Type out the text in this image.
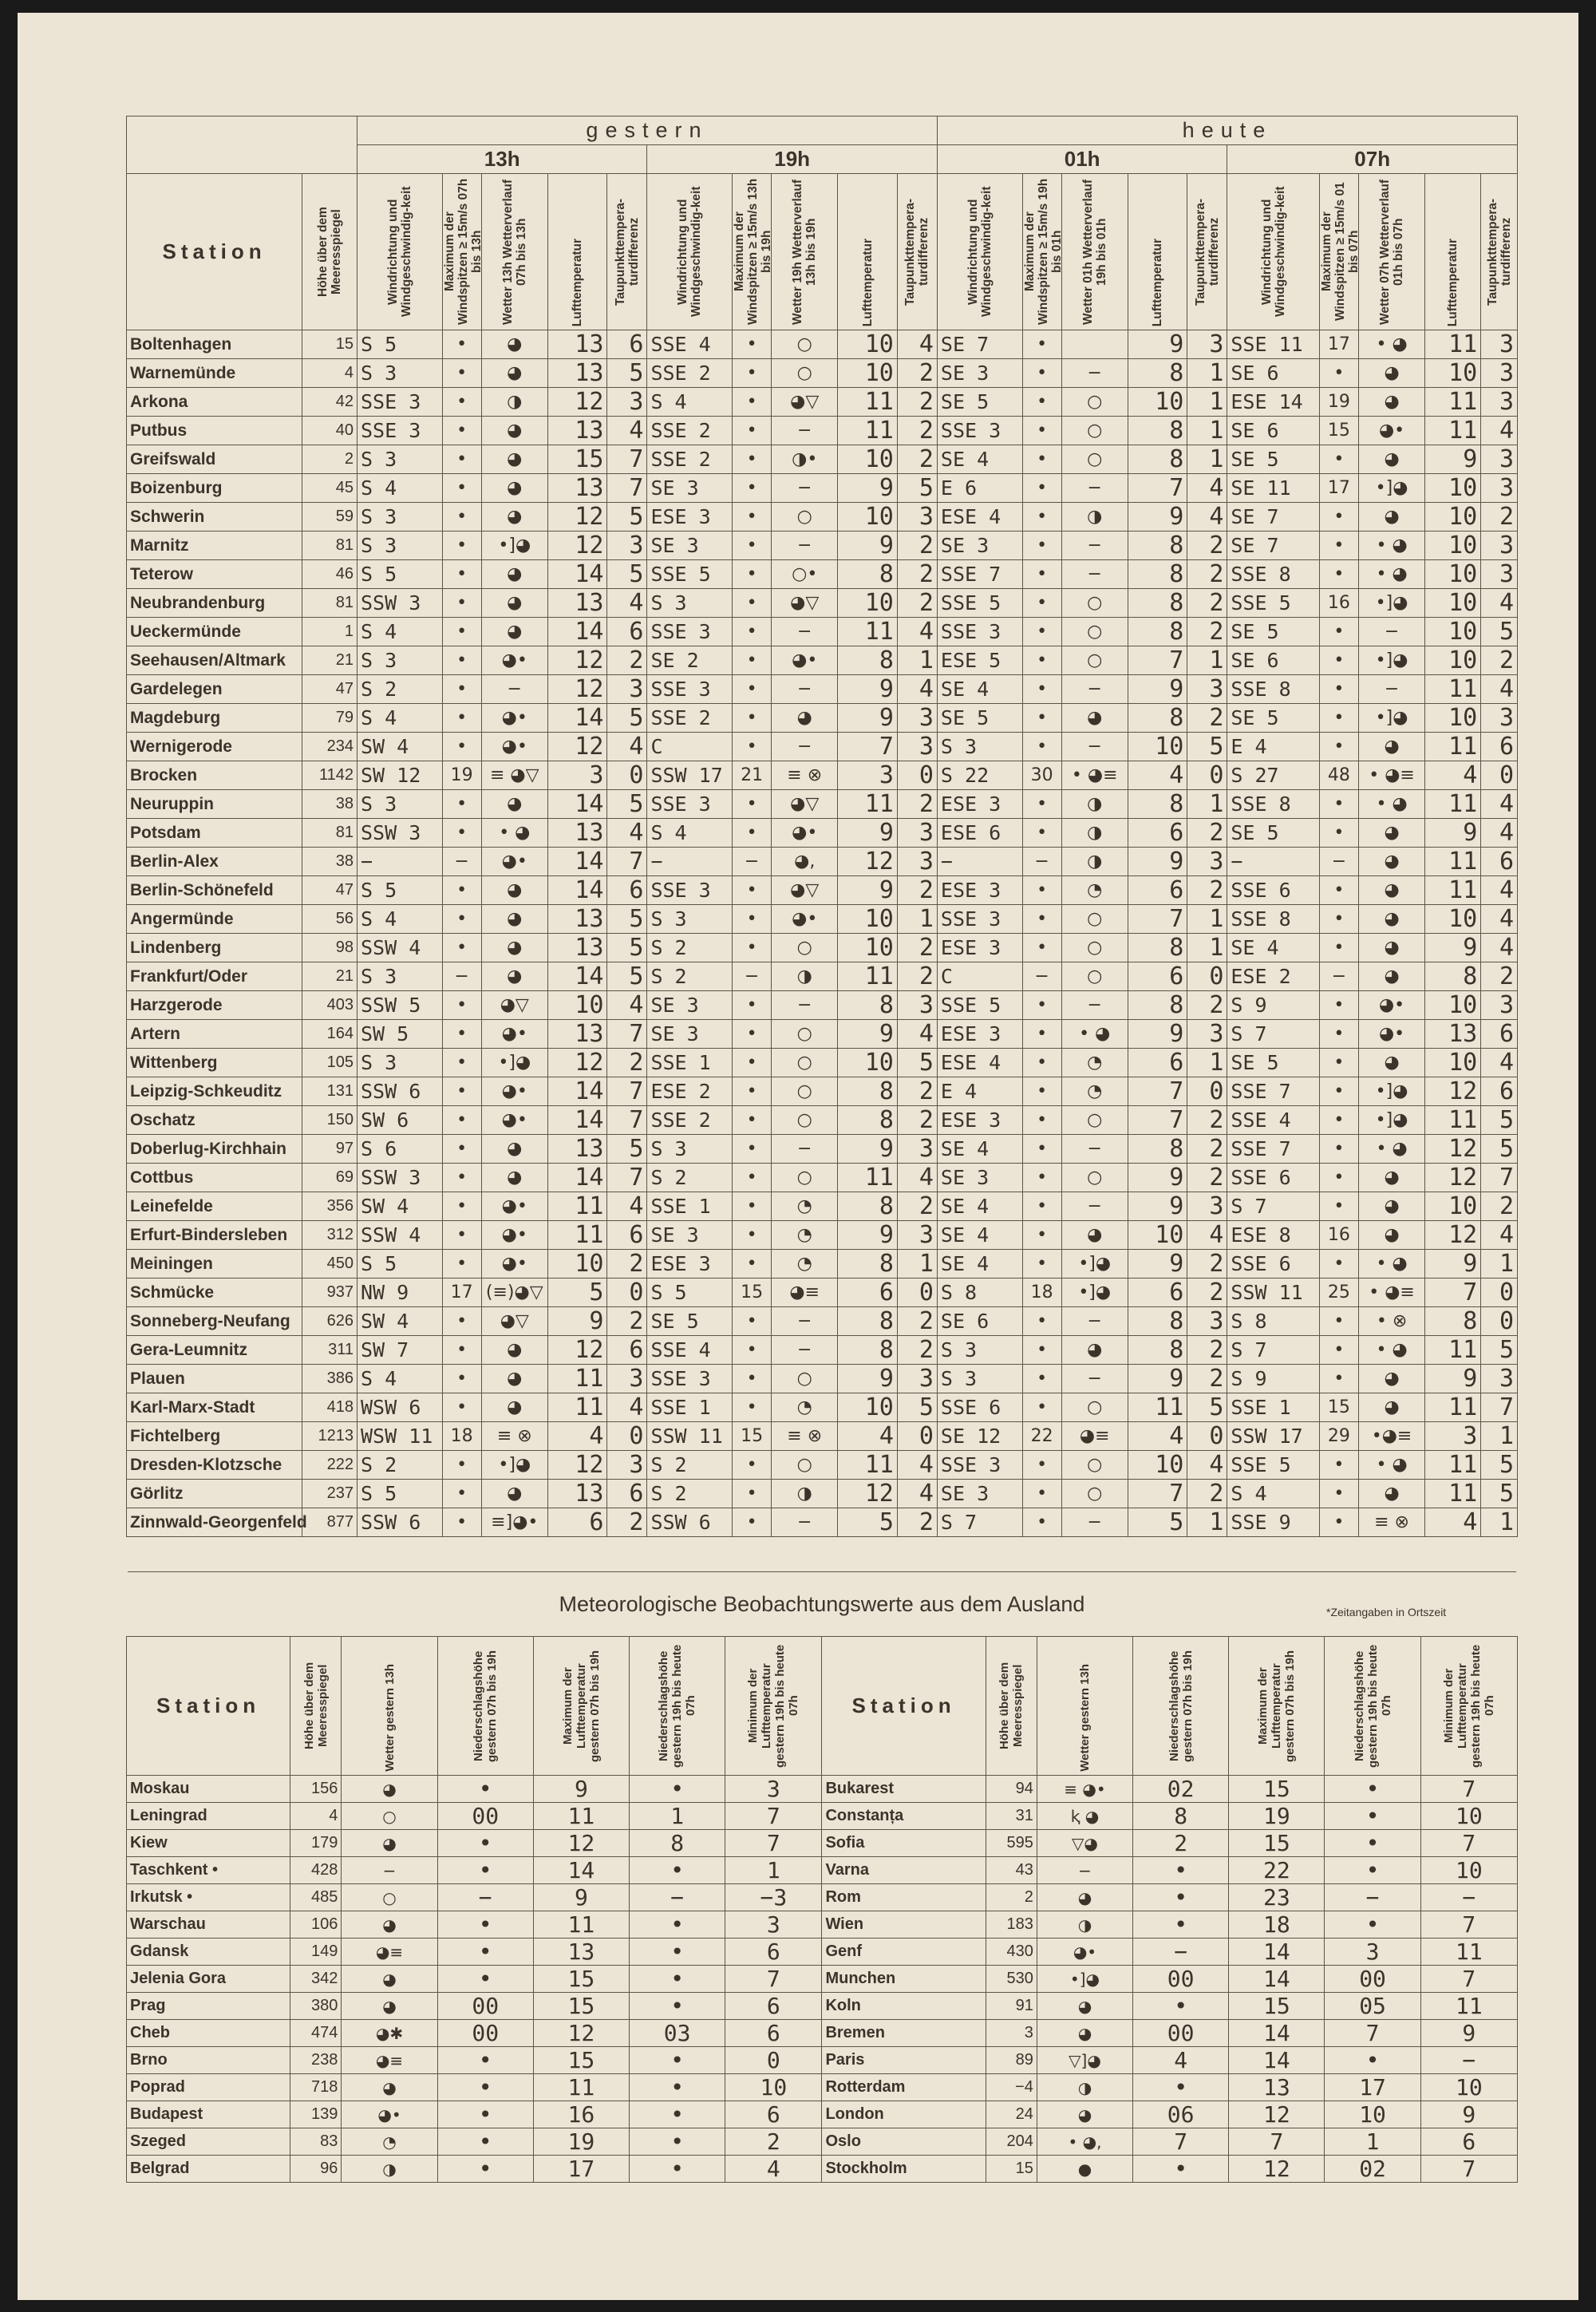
		gestern										heute									
		13h					19h					01h					07h				
Station	Höhe über dem Meeresspiegel	Windrichtung und Windgeschwindig-keit	Maximum der Windspitzen ≥ 15m/s 07h bis 13h	Wetter 13h Wetterverlauf 07h bis 13h	Lufttemperatur	Taupunkttempera-turdifferenz	Windrichtung und Windgeschwindig-keit	Maximum der Windspitzen ≥ 15m/s 13h bis 19h	Wetter 19h Wetterverlauf 13h bis 19h	Lufttemperatur	Taupunkttempera-turdifferenz	Windrichtung und Windgeschwindig-keit	Maximum der Windspitzen ≥ 15m/s 19h bis 01h	Wetter 01h Wetterverlauf 19h bis 01h	Lufttemperatur	Taupunkttempera-turdifferenz	Windrichtung und Windgeschwindig-keit	Maximum der Windspitzen ≥ 15m/s 01 bis 07h	Wetter 07h Wetterverlauf 01h bis 07h	Lufttemperatur	Taupunkttempera-turdifferenz

Boltenhagen	15	S 5	•	◕	13	6	SSE 4	•	○	10	4	SE 7	•		9	3	SSE 11	17	• ◕	11	3
Warnemünde	4	S 3	•	◕	13	5	SSE 2	•	○	10	2	SE 3	•	−	8	1	SE 6	•	◕	10	3
Arkona	42	SSE 3	•	◑	12	3	S 4	•	◕▽	11	2	SE 5	•	○	10	1	ESE 14	19	◕	11	3
Putbus	40	SSE 3	•	◕	13	4	SSE 2	•	−	11	2	SSE 3	•	○	8	1	SE 6	15	◕•	11	4
Greifswald	2	S 3	•	◕	15	7	SSE 2	•	◑•	10	2	SE 4	•	○	8	1	SE 5	•	◕	9	3
Boizenburg	45	S 4	•	◕	13	7	SE 3	•	−	9	5	E 6	•	−	7	4	SE 11	17	•]◕	10	3
Schwerin	59	S 3	•	◕	12	5	ESE 3	•	○	10	3	ESE 4	•	◑	9	4	SE 7	•	◕	10	2
Marnitz	81	S 3	•	•]◕	12	3	SE 3	•	−	9	2	SE 3	•	−	8	2	SE 7	•	• ◕	10	3
Teterow	46	S 5	•	◕	14	5	SSE 5	•	○•	8	2	SSE 7	•	−	8	2	SSE 8	•	• ◕	10	3
Neubrandenburg	81	SSW 3	•	◕	13	4	S 3	•	◕▽	10	2	SSE 5	•	○	8	2	SSE 5	16	•]◕	10	4
Ueckermünde	1	S 4	•	◕	14	6	SSE 3	•	−	11	4	SSE 3	•	○	8	2	SE 5	•	−	10	5
Seehausen/Altmark	21	S 3	•	◕•	12	2	SE 2	•	◕•	8	1	ESE 5	•	○	7	1	SE 6	•	•]◕	10	2
Gardelegen	47	S 2	•	−	12	3	SSE 3	•	−	9	4	SE 4	•	−	9	3	SSE 8	•	−	11	4
Magdeburg	79	S 4	•	◕•	14	5	SSE 2	•	◕	9	3	SE 5	•	◕	8	2	SE 5	•	•]◕	10	3
Wernigerode	234	SW 4	•	◕•	12	4	C	•	−	7	3	S 3	•	−	10	5	E 4	•	◕	11	6
Brocken	1142	SW 12	19	≡ ◕▽	3	0	SSW 17	21	≡ ⊗	3	0	S 22	30	• ◕≡	4	0	S 27	48	• ◕≡	4	0
Neuruppin	38	S 3	•	◕	14	5	SSE 3	•	◕▽	11	2	ESE 3	•	◑	8	1	SSE 8	•	• ◕	11	4
Potsdam	81	SSW 3	•	• ◕	13	4	S 4	•	◕•	9	3	ESE 6	•	◑	6	2	SE 5	•	◕	9	4
Berlin-Alex	38	−	−	◕•	14	7	−	−	◕,	12	3	−	−	◑	9	3	−	−	◕	11	6
Berlin-Schönefeld	47	S 5	•	◕	14	6	SSE 3	•	◕▽	9	2	ESE 3	•	◔	6	2	SSE 6	•	◕	11	4
Angermünde	56	S 4	•	◕	13	5	S 3	•	◕•	10	1	SSE 3	•	○	7	1	SSE 8	•	◕	10	4
Lindenberg	98	SSW 4	•	◕	13	5	S 2	•	○	10	2	ESE 3	•	○	8	1	SE 4	•	◕	9	4
Frankfurt/Oder	21	S 3	−	◕	14	5	S 2	−	◑	11	2	C	−	○	6	0	ESE 2	−	◕	8	2
Harzgerode	403	SSW 5	•	◕▽	10	4	SE 3	•	−	8	3	SSE 5	•	−	8	2	S 9	•	◕•	10	3
Artern	164	SW 5	•	◕•	13	7	SE 3	•	○	9	4	ESE 3	•	• ◕	9	3	S 7	•	◕•	13	6
Wittenberg	105	S 3	•	•]◕	12	2	SSE 1	•	○	10	5	ESE 4	•	◔	6	1	SE 5	•	◕	10	4
Leipzig-Schkeuditz	131	SSW 6	•	◕•	14	7	ESE 2	•	○	8	2	E 4	•	◔	7	0	SSE 7	•	•]◕	12	6
Oschatz	150	SW 6	•	◕•	14	7	SSE 2	•	○	8	2	ESE 3	•	○	7	2	SSE 4	•	•]◕	11	5
Doberlug-Kirchhain	97	S 6	•	◕	13	5	S 3	•	−	9	3	SE 4	•	−	8	2	SSE 7	•	• ◕	12	5
Cottbus	69	SSW 3	•	◕	14	7	S 2	•	○	11	4	SE 3	•	○	9	2	SSE 6	•	◕	12	7
Leinefelde	356	SW 4	•	◕•	11	4	SSE 1	•	◔	8	2	SE 4	•	−	9	3	S 7	•	◕	10	2
Erfurt-Bindersleben	312	SSW 4	•	◕•	11	6	SE 3	•	◔	9	3	SE 4	•	◕	10	4	ESE 8	16	◕	12	4
Meiningen	450	S 5	•	◕•	10	2	ESE 3	•	◔	8	1	SE 4	•	•]◕	9	2	SSE 6	•	• ◕	9	1
Schmücke	937	NW 9	17	(≡)◕▽	5	0	S 5	15	◕≡	6	0	S 8	18	•]◕	6	2	SSW 11	25	• ◕≡	7	0
Sonneberg-Neufang	626	SW 4	•	◕▽	9	2	SE 5	•	−	8	2	SE 6	•	−	8	3	S 8	•	• ⊗	8	0
Gera-Leumnitz	311	SW 7	•	◕	12	6	SSE 4	•	−	8	2	S 3	•	◕	8	2	S 7	•	• ◕	11	5
Plauen	386	S 4	•	◕	11	3	SSE 3	•	○	9	3	S 3	•	−	9	2	S 9	•	◕	9	3
Karl-Marx-Stadt	418	WSW 6	•	◕	11	4	SSE 1	•	◔	10	5	SSE 6	•	○	11	5	SSE 1	15	◕	11	7
Fichtelberg	1213	WSW 11	18	≡ ⊗	4	0	SSW 11	15	≡ ⊗	4	0	SE 12	22	◕≡	4	0	SSW 17	29	•◕≡	3	1
Dresden-Klotzsche	222	S 2	•	•]◕	12	3	S 2	•	○	11	4	SSE 3	•	○	10	4	SSE 5	•	• ◕	11	5
Görlitz	237	S 5	•	◕	13	6	S 2	•	◑	12	4	SE 3	•	○	7	2	S 4	•	◕	11	5
Zinnwald-Georgenfeld	877	SSW 6	•	≡]◕•	6	2	SSW 6	•	−	5	2	S 7	•	−	5	1	SSE 9	•	≡ ⊗	4	1
Meteorologische Beobachtungswerte aus dem Ausland	*Zeitangaben in Ortszeit
Station	Höhe über dem Meeresspiegel	Wetter gestern 13h	Niederschlagshöhe gestern 07h bis 19h	Maximum der Lufttemperatur gestern 07h bis 19h	Niederschlagshöhe gestern 19h bis heute 07h	Minimum der Lufttemperatur gestern 19h bis heute 07h	Station	Höhe über dem Meeresspiegel	Wetter gestern 13h	Niederschlagshöhe gestern 07h bis 19h	Maximum der Lufttemperatur gestern 07h bis 19h	Niederschlagshöhe gestern 19h bis heute 07h	Minimum der Lufttemperatur gestern 19h bis heute 07h

Moskau	156	◕	•	9	•	3	Bukarest	94	≡ ◕•	02	15	•	7
Leningrad	4	○	00	11	1	7	Constanța	31	ⱪ ◕	8	19	•	10
Kiew	179	◕	•	12	8	7	Sofia	595	▽◕	2	15	•	7
Taschkent •	428	−	•	14	•	1	Varna	43	−	•	22	•	10
Irkutsk •	485	○	−	9	−	−3	Rom	2	◕	•	23	−	−
Warschau	106	◕	•	11	•	3	Wien	183	◑	•	18	•	7
Gdansk	149	◕≡	•	13	•	6	Genf	430	◕•	−	14	3	11
Jelenia Gora	342	◕	•	15	•	7	Munchen	530	•]◕	00	14	00	7
Prag	380	◕	00	15	•	6	Koln	91	◕	•	15	05	11
Cheb	474	◕✱	00	12	03	6	Bremen	3	◕	00	14	7	9
Brno	238	◕≡	•	15	•	0	Paris	89	▽]◕	4	14	•	−
Poprad	718	◕	•	11	•	10	Rotterdam	−4	◑	•	13	17	10
Budapest	139	◕•	•	16	•	6	London	24	◕	06	12	10	9
Szeged	83	◔	•	19	•	2	Oslo	204	• ◕,	7	7	1	6
Belgrad	96	◑	•	17	•	4	Stockholm	15	●	•	12	02	7
